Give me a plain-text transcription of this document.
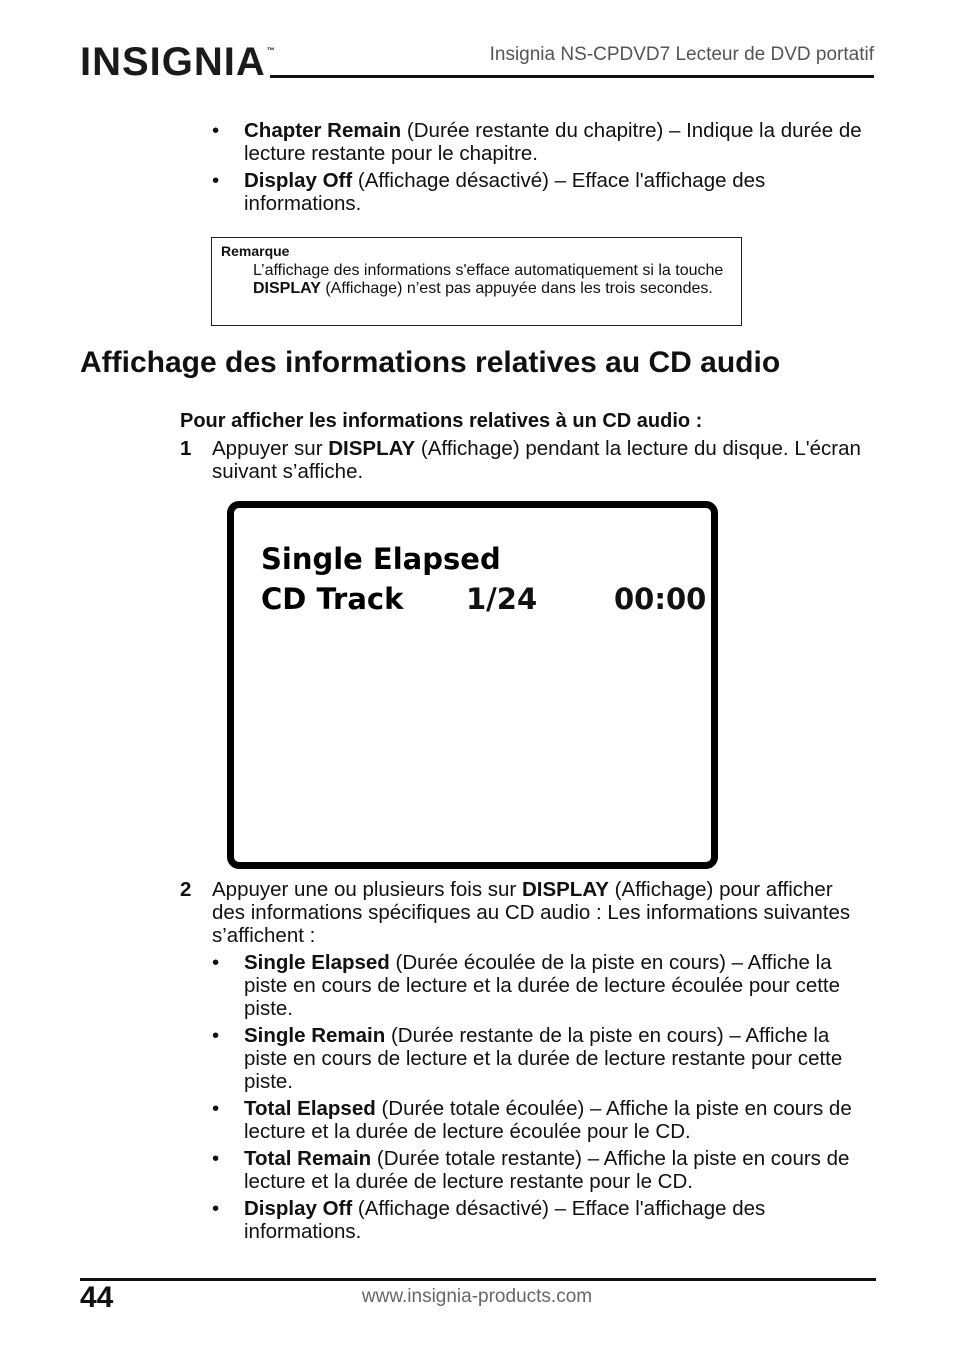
INSIGNIA™	Insignia NS-CPDVD7 Lecteur de DVD portatif
•	Chapter Remain (Durée restante du chapitre) – Indique la durée de lecture restante pour le chapitre.
•	Display Off (Affichage désactivé) – Efface l'affichage des informations.
Remarque
L’affichage des informations s'efface automatiquement si la touche DISPLAY (Affichage) n’est pas appuyée dans les trois secondes.
Affichage des informations relatives au CD audio
Pour afficher les informations relatives à un CD audio :
1 Appuyer sur DISPLAY (Affichage) pendant la lecture du disque. L'écran suivant s’affiche.
Single Elapsed
CD Track 1/24	00:00
2 Appuyer une ou plusieurs fois sur DISPLAY (Affichage) pour afficher des informations spécifiques au CD audio : Les informations suivantes s’affichent :
•	Single Elapsed (Durée écoulée de la piste en cours) – Affiche la piste en cours de lecture et la durée de lecture écoulée pour cette piste.
•	Single Remain (Durée restante de la piste en cours) – Affiche la piste en cours de lecture et la durée de lecture restante pour cette piste.
•	Total Elapsed (Durée totale écoulée) – Affiche la piste en cours de lecture et la durée de lecture écoulée pour le CD.
•	Total Remain (Durée totale restante) – Affiche la piste en cours de lecture et la durée de lecture restante pour le CD.
•	Display Off (Affichage désactivé) – Efface l'affichage des informations.
44	www.insignia-products.com
